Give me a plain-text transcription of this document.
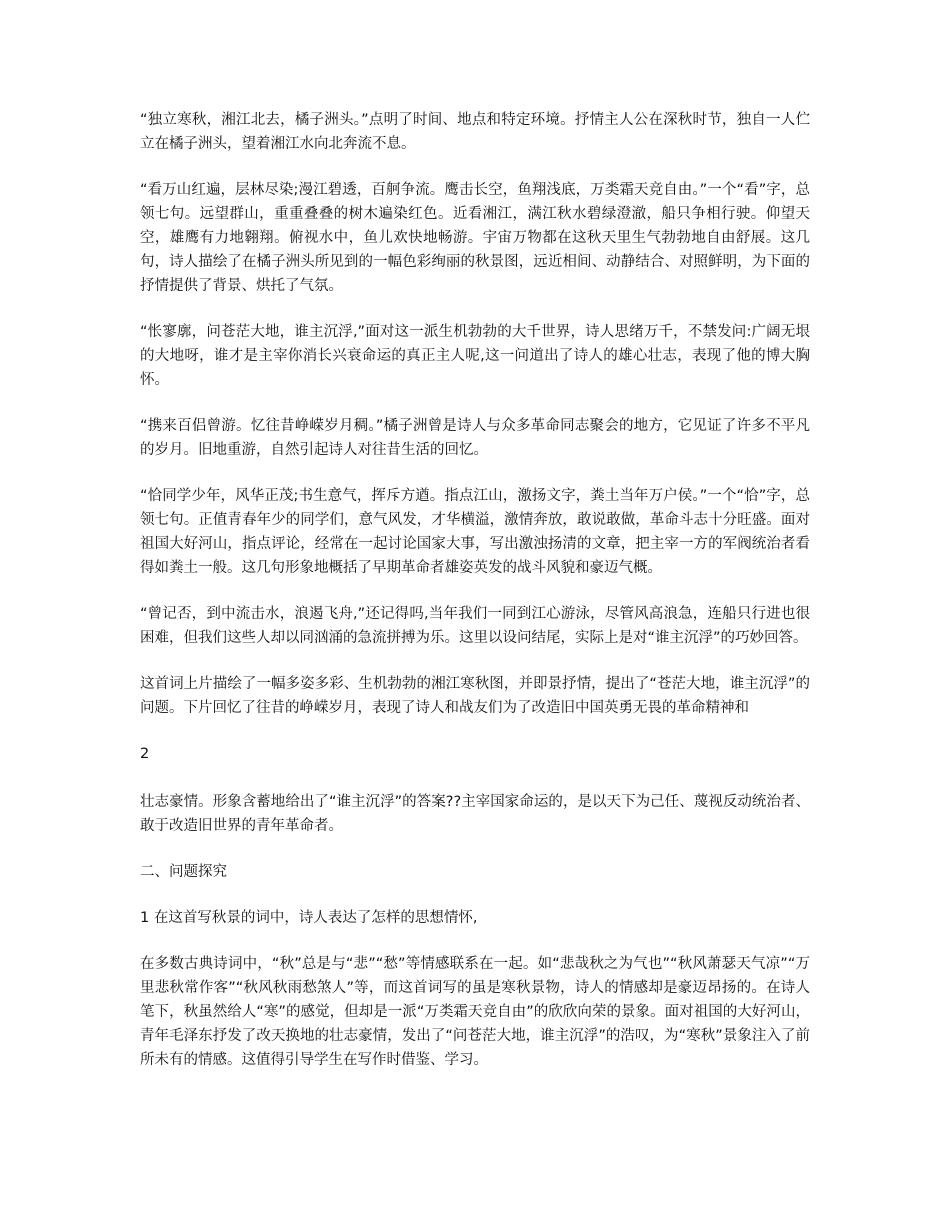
“独立寒秋，湘江北去，橘子洲头。”点明了时间、地点和特定环境。抒情主人公在深秋时节，独自一人伫立在橘子洲头，望着湘江水向北奔流不息。

“看万山红遍，层林尽染;漫江碧透，百舸争流。鹰击长空，鱼翔浅底，万类霜天竞自由。”一个“看”字，总领七句。远望群山，重重叠叠的树木遍染红色。近看湘江，满江秋水碧绿澄澈，船只争相行驶。仰望天空，雄鹰有力地翱翔。俯视水中，鱼儿欢快地畅游。宇宙万物都在这秋天里生气勃勃地自由舒展。这几句，诗人描绘了在橘子洲头所见到的一幅色彩绚丽的秋景图，远近相间、动静结合、对照鲜明，为下面的抒情提供了背景、烘托了气氛。

“怅寥廓，问苍茫大地，谁主沉浮,”面对这一派生机勃勃的大千世界，诗人思绪万千，不禁发问:广阔无垠的大地呀，谁才是主宰你消长兴衰命运的真正主人呢,这一问道出了诗人的雄心壮志，表现了他的博大胸怀。

“携来百侣曾游。忆往昔峥嵘岁月稠。”橘子洲曾是诗人与众多革命同志聚会的地方，它见证了许多不平凡的岁月。旧地重游，自然引起诗人对往昔生活的回忆。

“恰同学少年，风华正茂;书生意气，挥斥方遒。指点江山，激扬文字，粪土当年万户侯。”一个“恰”字，总领七句。正值青春年少的同学们，意气风发，才华横溢，激情奔放，敢说敢做，革命斗志十分旺盛。面对祖国大好河山，指点评论，经常在一起讨论国家大事，写出激浊扬清的文章，把主宰一方的军阀统治者看得如粪土一般。这几句形象地概括了早期革命者雄姿英发的战斗风貌和豪迈气概。

“曾记否，到中流击水，浪遏飞舟,”还记得吗,当年我们一同到江心游泳，尽管风高浪急，连船只行进也很困难，但我们这些人却以同汹涌的急流拼搏为乐。这里以设问结尾，实际上是对“谁主沉浮”的巧妙回答。

这首词上片描绘了一幅多姿多彩、生机勃勃的湘江寒秋图，并即景抒情，提出了“苍茫大地，谁主沉浮”的问题。下片回忆了往昔的峥嵘岁月，表现了诗人和战友们为了改造旧中国英勇无畏的革命精神和

2

壮志豪情。形象含蓄地给出了“谁主沉浮”的答案??主宰国家命运的，是以天下为己任、蔑视反动统治者、敢于改造旧世界的青年革命者。

二、问题探究

1 在这首写秋景的词中，诗人表达了怎样的思想情怀,

在多数古典诗词中，“秋”总是与“悲”“愁”等情感联系在一起。如“悲哉秋之为气也”“秋风萧瑟天气凉”“万里悲秋常作客”“秋风秋雨愁煞人”等，而这首词写的虽是寒秋景物，诗人的情感却是豪迈昂扬的。在诗人笔下，秋虽然给人“寒”的感觉，但却是一派“万类霜天竞自由”的欣欣向荣的景象。面对祖国的大好河山，青年毛泽东抒发了改天换地的壮志豪情，发出了“问苍茫大地，谁主沉浮”的浩叹，为“寒秋”景象注入了前所未有的情感。这值得引导学生在写作时借鉴、学习。
